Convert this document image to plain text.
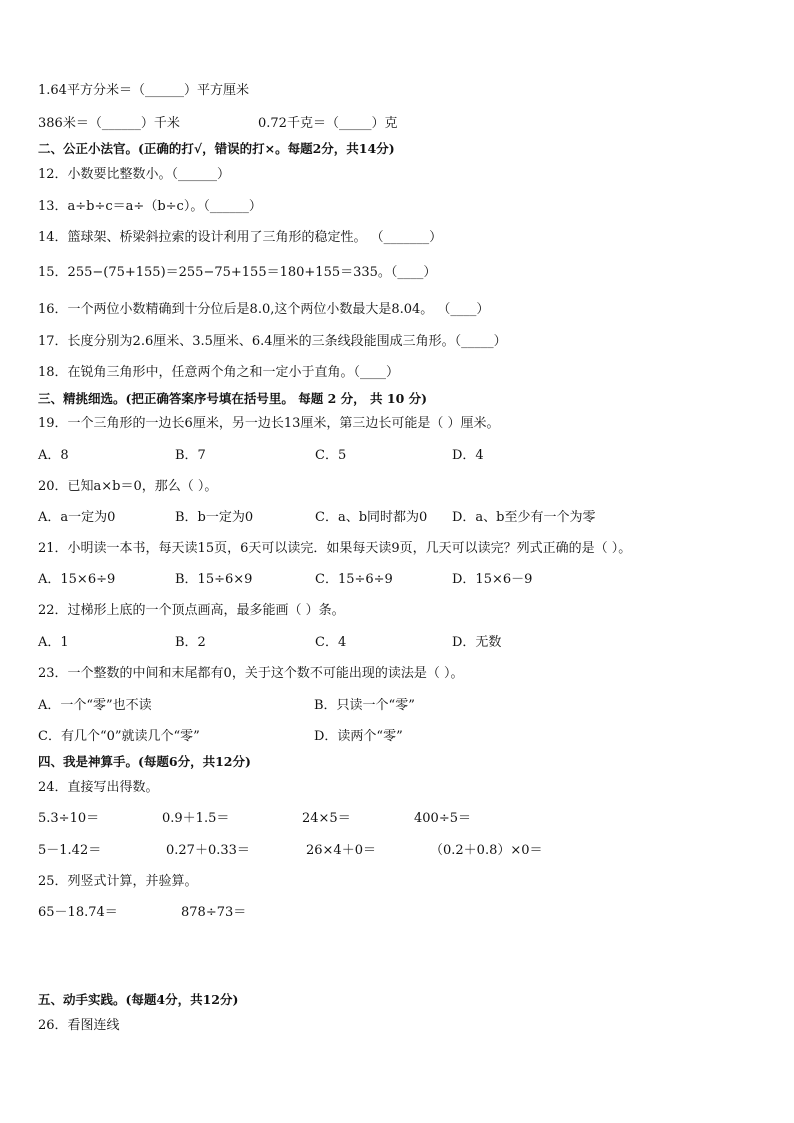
1.64平方分米＝（______）平方厘米
386米＝（______）千米	0.72千克＝（_____）克
二、公正小法官。(正确的打√，错误的打×。每题2分，共14分)
12．小数要比整数小。（______）
13．a÷b÷c＝a÷（b÷c）。（______）
14．篮球架、桥梁斜拉索的设计利用了三角形的稳定性。 （_______）
15．255−(75+155)＝255−75+155＝180+155＝335。（____）
16．一个两位小数精确到十分位后是8.0,这个两位小数最大是8.04。 （____）
17．长度分别为2.6厘米、3.5厘米、6.4厘米的三条线段能围成三角形。（_____）
18．在锐角三角形中，任意两个角之和一定小于直角。（____）
三、精挑细选。(把正确答案序号填在括号里。 每题 2 分， 共 10 分)
19．一个三角形的一边长6厘米，另一边长13厘米，第三边长可能是（ ）厘米。
A．8	B．7	C．5	D．4
20．已知a×b＝0，那么（ ）。
A．a一定为0	B．b一定为0	C．a、b同时都为0 D．a、b至少有一个为零
21．小明读一本书，每天读15页，6天可以读完．如果每天读9页，几天可以读完？列式正确的是（ ）。
A．15×6÷9	B．15÷6×9	C．15÷6÷9	D．15×6－9
22．过梯形上底的一个顶点画高，最多能画（ ）条。
A．1	B．2	C．4	D．无数
23．一个整数的中间和末尾都有0，关于这个数不可能出现的读法是（ ）。
A．一个“零”也不读	B．只读一个“零”
C．有几个“0”就读几个“零”	D．读两个“零”
四、我是神算手。(每题6分，共12分)
24．直接写出得数。
5.3÷10＝	0.9＋1.5＝	24×5＝	400÷5＝
5－1.42＝	0.27＋0.33＝	26×4＋0＝	（0.2＋0.8）×0＝
25．列竖式计算，并验算。
65－18.74＝	878÷73＝
五、动手实践。(每题4分，共12分)
26．看图连线
